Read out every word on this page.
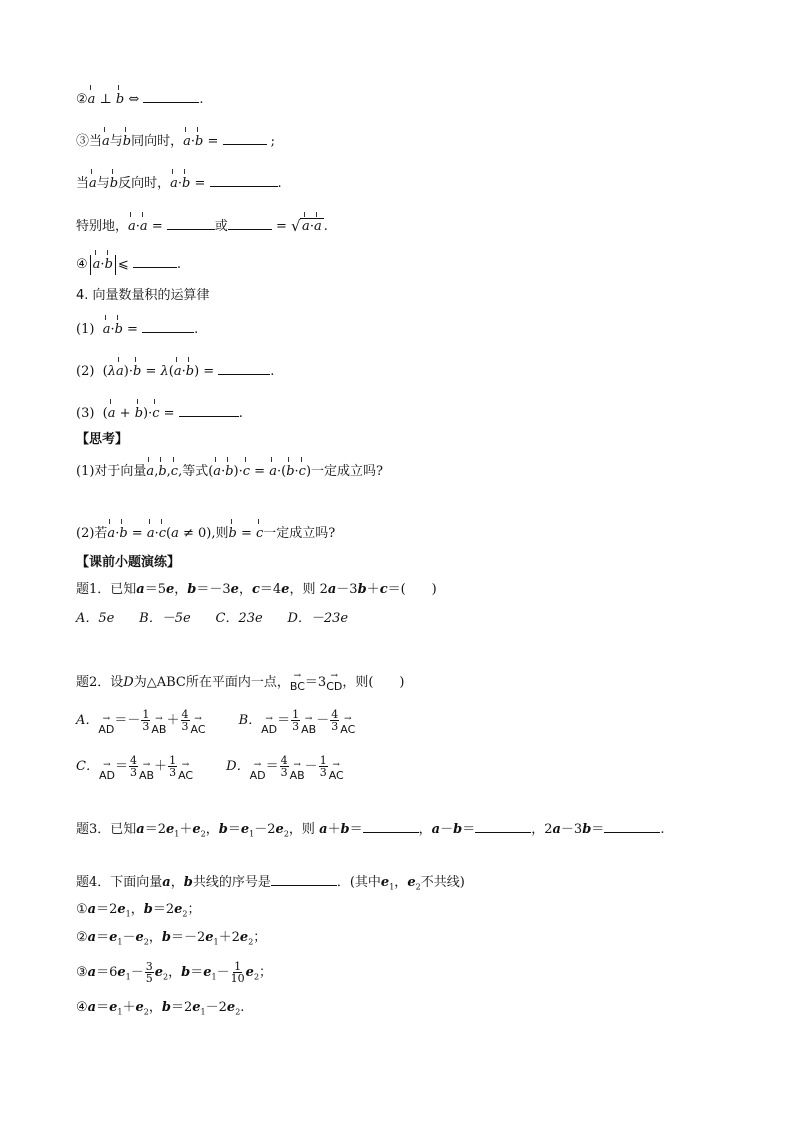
②a ⊥ b ⇔	.
③当a与b同向时，a·b =	;
当a与b反向时，a·b =	.
特别地，a·a =	或	= √ a·a .
④ a·b ⩽	.
4. 向量数量积的运算律
(1) a·b =	.
(2)  (λa)·b = λ(a·b) =	.
(3)  (a + b)·c =	.
【思考】
(1)对于向量a,b,c,等式(a·b)·c = a·(b·c)一定成立吗?
(2)若a·b = a·c(a ≠ 0),则b = c一定成立吗?
【课前小题演练】
题1．已知a＝5e，b＝－3e，c＝4e，则 2a－3b＋c＝(　　)
A．5e B．－5e C．23e D．－23e
题2．设D为△ABC所在平面内一点， →
BC ＝3 →
CD ，则(　　)
A． →
AD
＝－ $\frac{1}{3}$ →
AB
＋ $\frac{4}{3}$ →
AC
B． →
AD
＝ $\frac{1}{3}$ →
AB
－ $\frac{4}{3}$ →
AC
C． →
AD
＝ $\frac{4}{3}$ →
AB
＋ $\frac{1}{3}$ →
AC
D． →
AD
＝ $\frac{4}{3}$ →
AB
－ $\frac{1}{3}$ →
AC
题3．已知$a=2e_1+e_2$，$b=e_1-2e_2$，则 a＋b＝	，a－b＝	，2a－3b＝	.
题4．下面向量a，b共线的序号是	．(其中$e_1$，$e_2$不共线)
$①a=2e_1$，$b=2e_2$；
$②a=e_1-e_2$，$b=-2e_1+2e_2$；
$③a=6e_1- \frac{3}{5} e_2$，$b=e_1- \frac{1}{10} e_2$；
$④a=e_1+e_2$，$b=2e_1-2e_2$.
